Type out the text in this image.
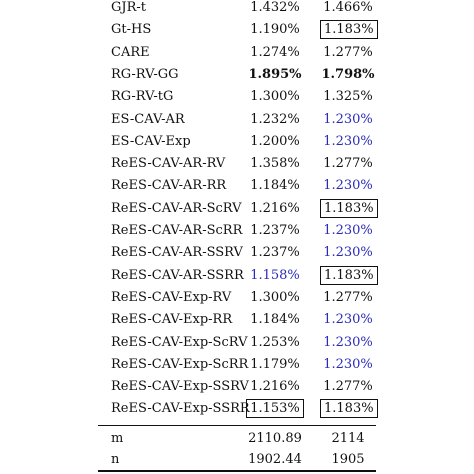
GJR-t	1.432%	1.466%
Gt-HS	1.190%	1.183%
CARE	1.274%	1.277%
RG-RV-GG	1.895%	1.798%
RG-RV-tG	1.300%	1.325%
ES-CAV-AR	1.232%	1.230%
ES-CAV-Exp	1.200%	1.230%
ReES-CAV-AR-RV	1.358%	1.277%
ReES-CAV-AR-RR	1.184%	1.230%
ReES-CAV-AR-ScRV 1.216%	1.183%
ReES-CAV-AR-ScRR 1.237%	1.230%
ReES-CAV-AR-SSRV 1.237%	1.230%
ReES-CAV-AR-SSRR 1.158%	1.183%
ReES-CAV-Exp-RV	1.300%	1.277%
ReES-CAV-Exp-RR	1.184%	1.230%
ReES-CAV-Exp-ScRV 1.253%	1.230%
ReES-CAV-Exp-ScRR 1.179%	1.230%
ReES-CAV-Exp-SSRV 1.216%	1.277%
ReES-CAV-Exp-SSRR 1.153%	1.183%
m	2110.89	2114
n	1902.44	1905
